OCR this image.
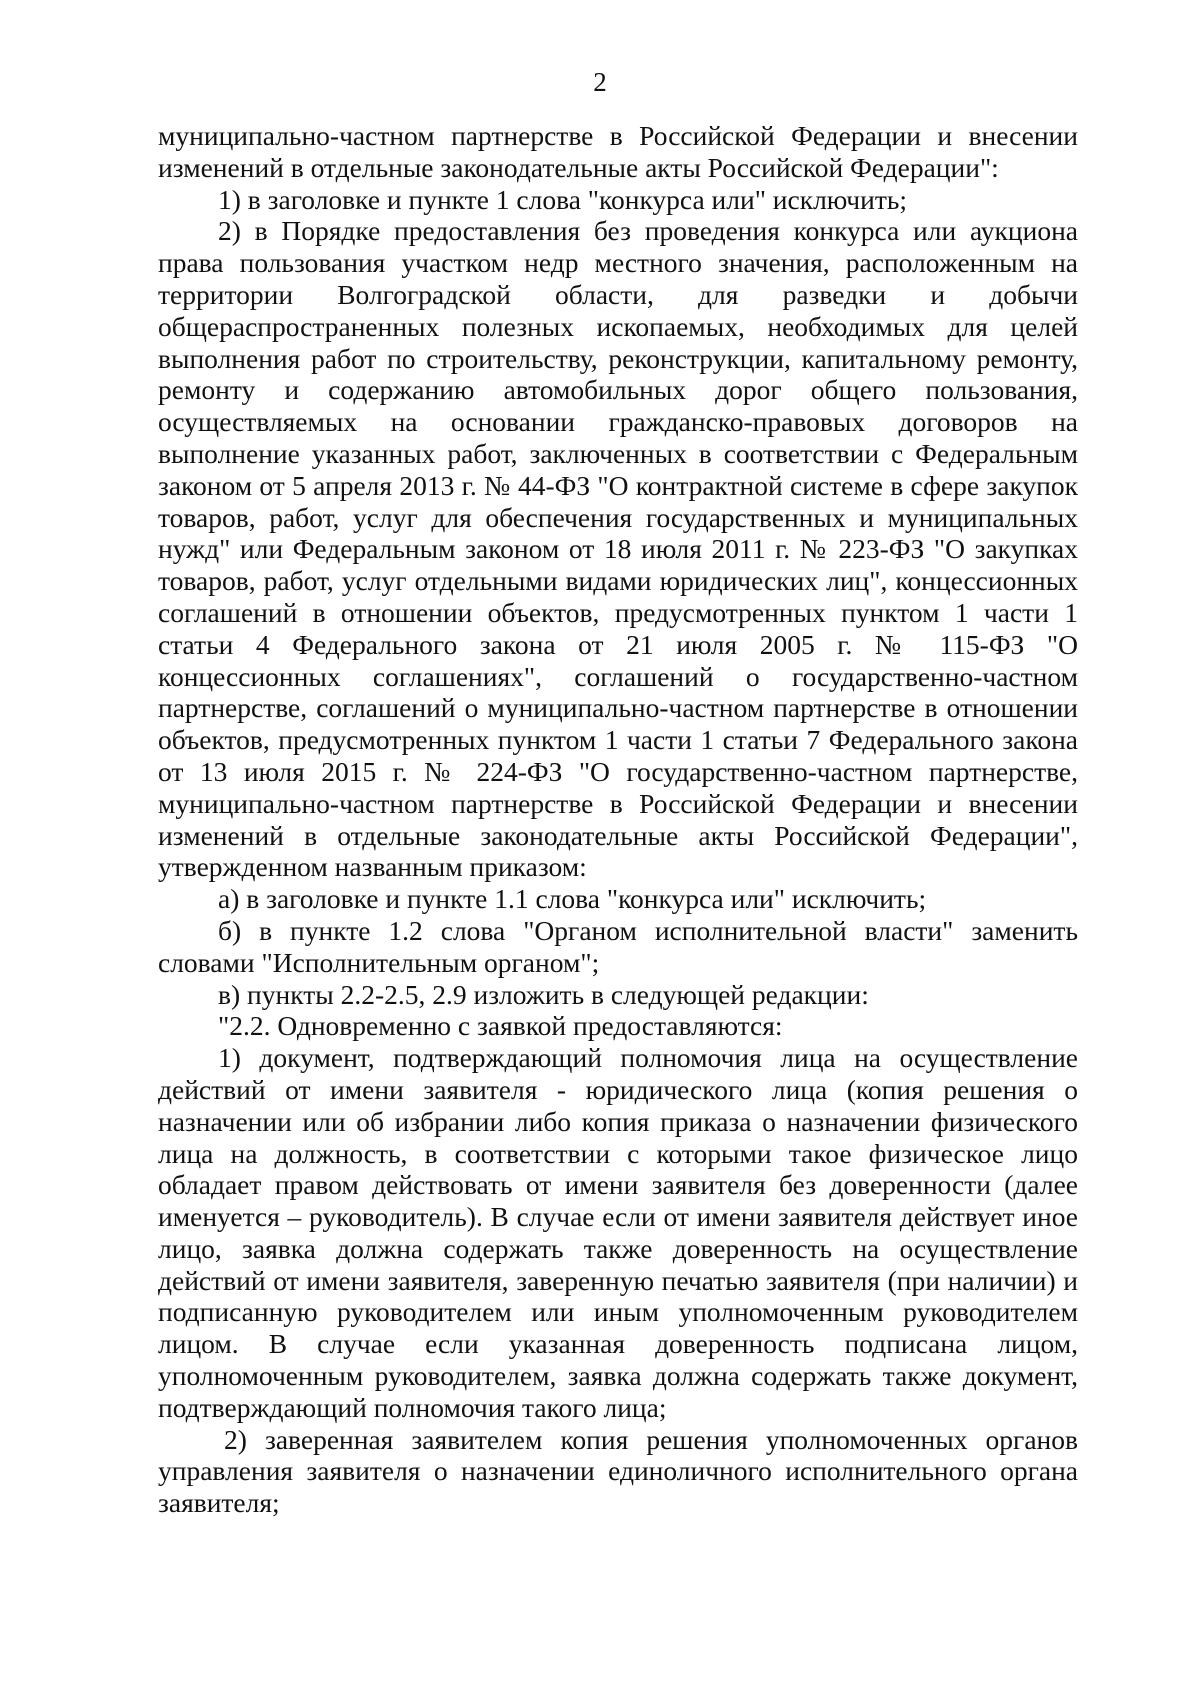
2

муниципально-частном партнерстве в Российской Федерации и внесении изменений в отдельные законодательные акты Российской Федерации":

1) в заголовке и пункте 1 слова "конкурса или" исключить;

2) в Порядке предоставления без проведения конкурса или аукциона права пользования участком недр местного значения, расположенным на территории Волгоградской области, для разведки и добычи общераспространенных полезных ископаемых, необходимых для целей выполнения работ по строительству, реконструкции, капитальному ремонту, ремонту и содержанию автомобильных дорог общего пользования, осуществляемых на основании гражданско-правовых договоров на выполнение указанных работ, заключенных в соответствии с Федеральным законом от 5 апреля 2013 г. № 44-ФЗ "О контрактной системе в сфере закупок товаров, работ, услуг для обеспечения государственных и муниципальных нужд" или Федеральным законом от 18 июля 2011 г. № 223-ФЗ "О закупках товаров, работ, услуг отдельными видами юридических лиц", концессионных соглашений в отношении объектов, предусмотренных пунктом 1 части 1 статьи 4 Федерального закона от 21 июля 2005 г. № 115-ФЗ "О концессионных соглашениях", соглашений о государственно-частном партнерстве, соглашений о муниципально-частном партнерстве в отношении объектов, предусмотренных пунктом 1 части 1 статьи 7 Федерального закона от 13 июля 2015 г. № 224-ФЗ "О государственно-частном партнерстве, муниципально-частном партнерстве в Российской Федерации и внесении изменений в отдельные законодательные акты Российской Федерации", утвержденном названным приказом:

а) в заголовке и пункте 1.1 слова "конкурса или" исключить;

б) в пункте 1.2 слова "Органом исполнительной власти" заменить словами "Исполнительным органом";

в) пункты 2.2-2.5, 2.9 изложить в следующей редакции:

"2.2. Одновременно с заявкой предоставляются:

1) документ, подтверждающий полномочия лица на осуществление действий от имени заявителя - юридического лица (копия решения о назначении или об избрании либо копия приказа о назначении физического лица на должность, в соответствии с которыми такое физическое лицо обладает правом действовать от имени заявителя без доверенности (далее именуется – руководитель). В случае если от имени заявителя действует иное лицо, заявка должна содержать также доверенность на осуществление действий от имени заявителя, заверенную печатью заявителя (при наличии) и подписанную руководителем или иным уполномоченным руководителем лицом. В случае если указанная доверенность подписана лицом, уполномоченным руководителем, заявка должна содержать также документ, подтверждающий полномочия такого лица;

2) заверенная заявителем копия решения уполномоченных органов управления заявителя о назначении единоличного исполнительного органа заявителя;
